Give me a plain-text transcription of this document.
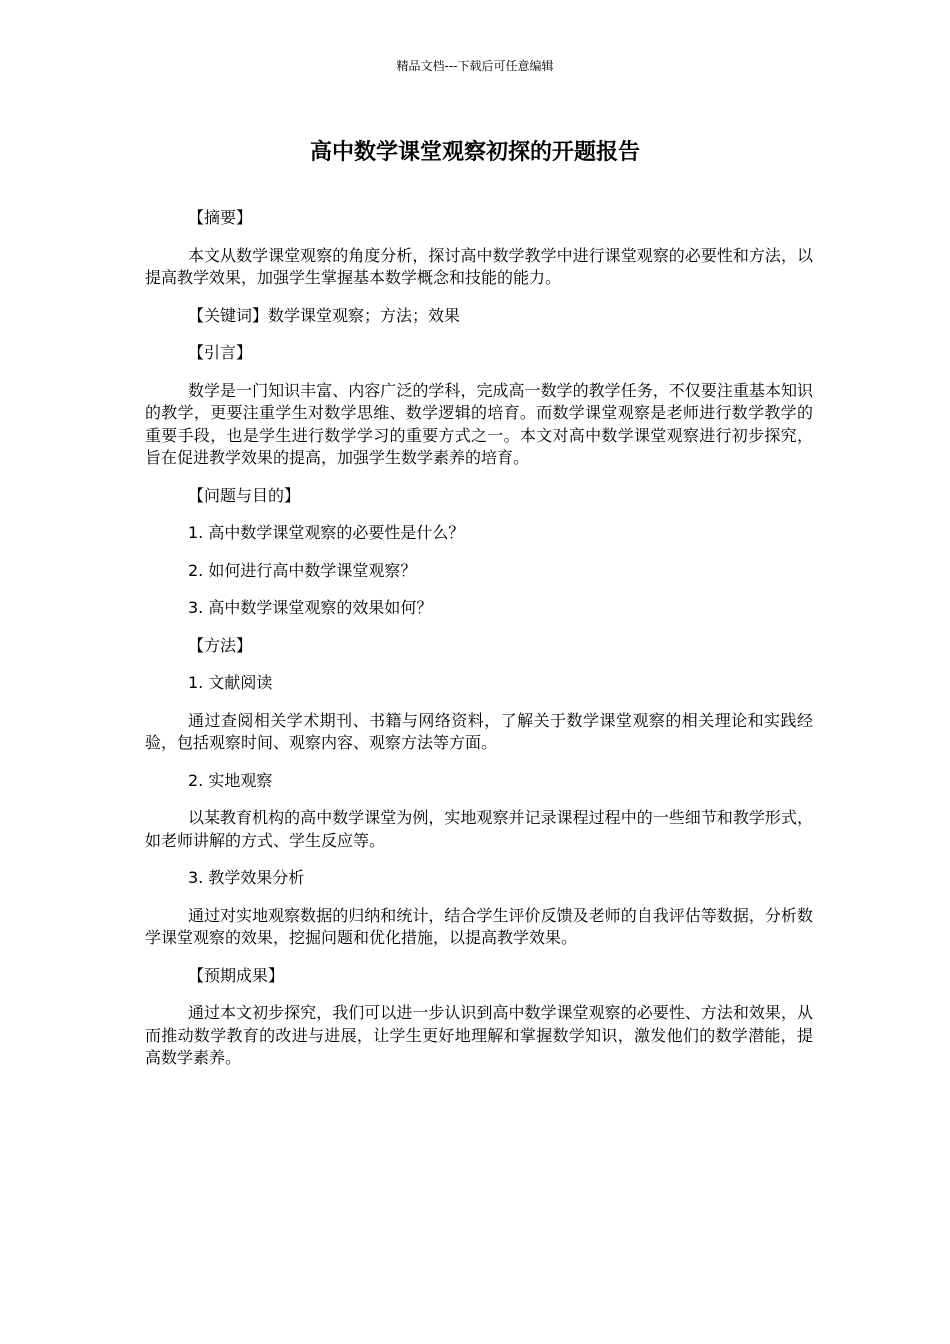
精品文档---下载后可任意编辑
高中数学课堂观察初探的开题报告

【摘要】

本文从数学课堂观察的角度分析，探讨高中数学教学中进行课堂观察的必要性和方法，以提高教学效果，加强学生掌握基本数学概念和技能的能力。

【关键词】数学课堂观察；方法；效果

【引言】

数学是一门知识丰富、内容广泛的学科，完成高一数学的教学任务，不仅要注重基本知识的教学，更要注重学生对数学思维、数学逻辑的培育。而数学课堂观察是老师进行数学教学的重要手段，也是学生进行数学学习的重要方式之一。本文对高中数学课堂观察进行初步探究，旨在促进教学效果的提高，加强学生数学素养的培育。

【问题与目的】

1. 高中数学课堂观察的必要性是什么？

2. 如何进行高中数学课堂观察？

3. 高中数学课堂观察的效果如何？

【方法】

1. 文献阅读

通过查阅相关学术期刊、书籍与网络资料，了解关于数学课堂观察的相关理论和实践经验，包括观察时间、观察内容、观察方法等方面。

2. 实地观察

以某教育机构的高中数学课堂为例，实地观察并记录课程过程中的一些细节和教学形式，如老师讲解的方式、学生反应等。

3. 教学效果分析

通过对实地观察数据的归纳和统计，结合学生评价反馈及老师的自我评估等数据，分析数学课堂观察的效果，挖掘问题和优化措施，以提高教学效果。

【预期成果】

通过本文初步探究，我们可以进一步认识到高中数学课堂观察的必要性、方法和效果，从而推动数学教育的改进与进展，让学生更好地理解和掌握数学知识，激发他们的数学潜能，提高数学素养。
